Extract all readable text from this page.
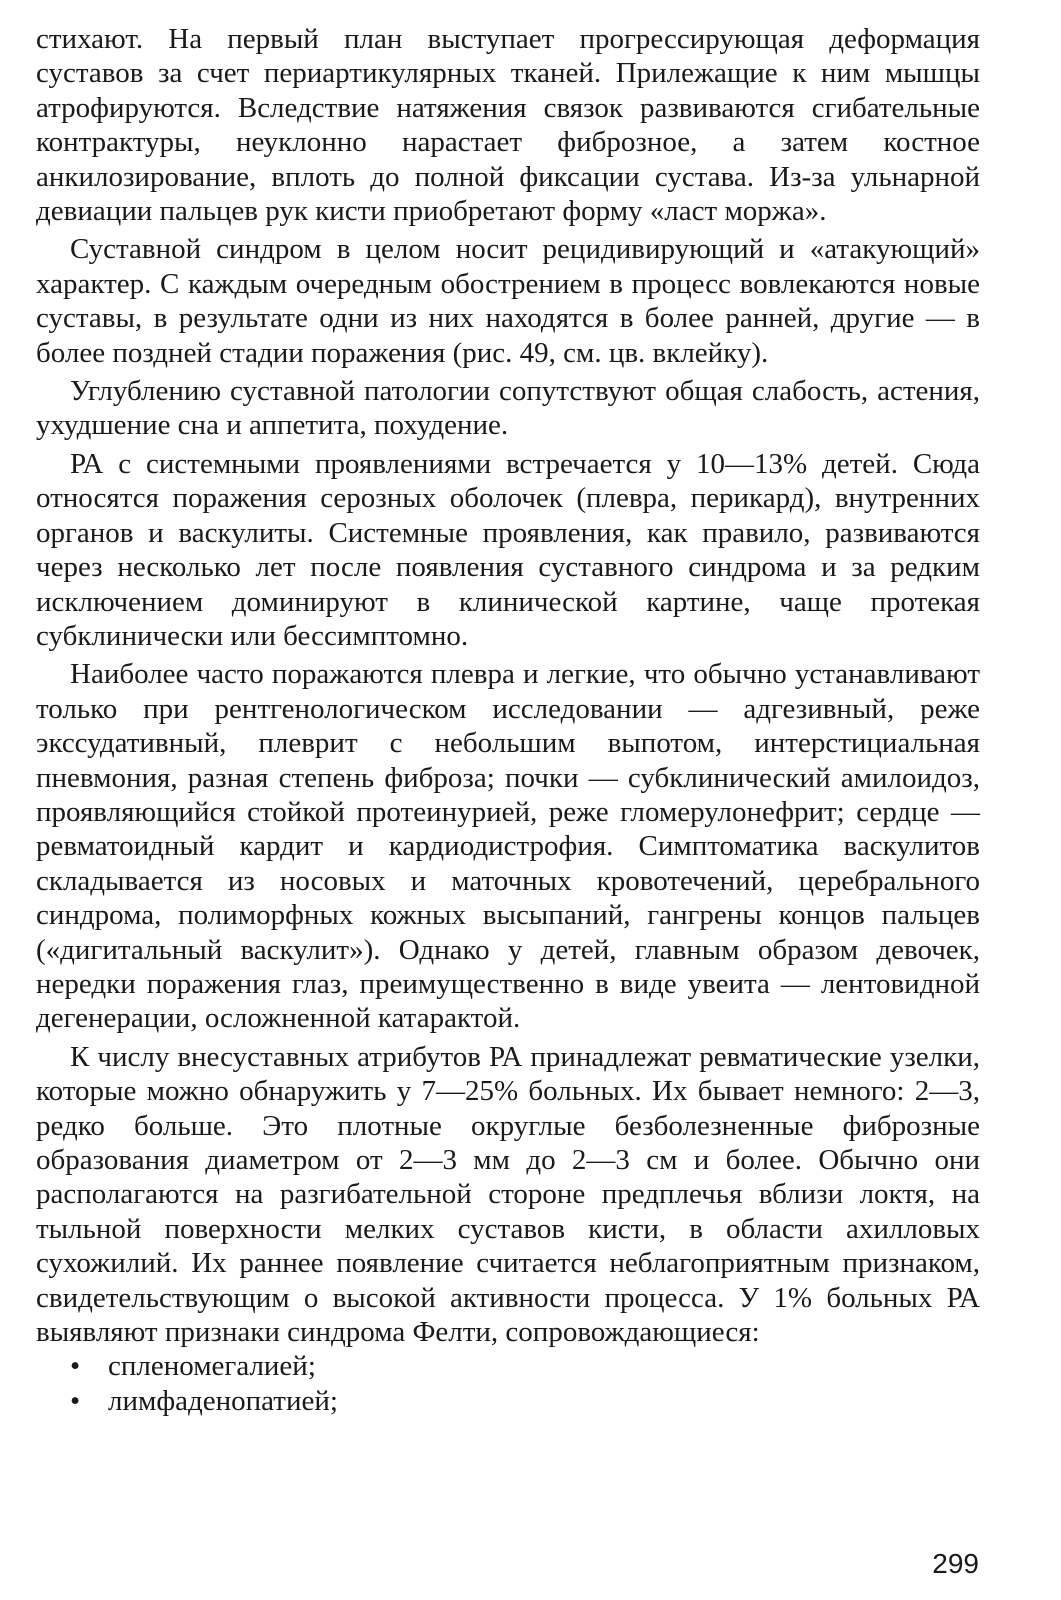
стихают. На первый план выступает прогрессирующая деформация суставов за счет периартикулярных тканей. Прилежащие к ним мышцы атрофируются. Вследствие натяжения связок развиваются сгибательные контрактуры, неуклонно нарастает фиброзное, а затем костное анкилозирование, вплоть до полной фиксации сустава. Из-за ульнарной девиации пальцев рук кисти приобретают форму «ласт моржа».

Суставной синдром в целом носит рецидивирующий и «атакующий» характер. С каждым очередным обострением в процесс вовлекаются новые суставы, в результате одни из них находятся в более ранней, другие — в более поздней стадии поражения (рис. 49, см. цв. вклейку).

Углублению суставной патологии сопутствуют общая слабость, астения, ухудшение сна и аппетита, похудение.

РА с системными проявлениями встречается у 10—13% детей. Сюда относятся поражения серозных оболочек (плевра, перикард), внутренних органов и васкулиты. Системные проявления, как правило, развиваются через несколько лет после появления суставного синдрома и за редким исключением доминируют в клинической картине, чаще протекая субклинически или бессимптомно.

Наиболее часто поражаются плевра и легкие, что обычно устанавливают только при рентгенологическом исследовании — адгезивный, реже экссудативный, плеврит с небольшим выпотом, интерстициальная пневмония, разная степень фиброза; почки — субклинический амилоидоз, проявляющийся стойкой протеинурией, реже гломерулонефрит; сердце — ревматоидный кардит и кардиодистрофия. Симптоматика васкулитов складывается из носовых и маточных кровотечений, церебрального синдрома, полиморфных кожных высыпаний, гангрены концов пальцев («дигитальный васкулит»). Однако у детей, главным образом девочек, нередки поражения глаз, преимущественно в виде увеита — лентовидной дегенерации, осложненной катарактой.

К числу внесуставных атрибутов РА принадлежат ревматические узелки, которые можно обнаружить у 7—25% больных. Их бывает немного: 2—3, редко больше. Это плотные округлые безболезненные фиброзные образования диаметром от 2—3 мм до 2—3 см и более. Обычно они располагаются на разгибательной стороне предплечья вблизи локтя, на тыльной поверхности мелких суставов кисти, в области ахилловых сухожилий. Их раннее появление считается неблагоприятным признаком, свидетельствующим о высокой активности процесса. У 1% больных РА выявляют признаки синдрома Фелти, сопровождающиеся:

• спленомегалией;
• лимфаденопатией;
299
